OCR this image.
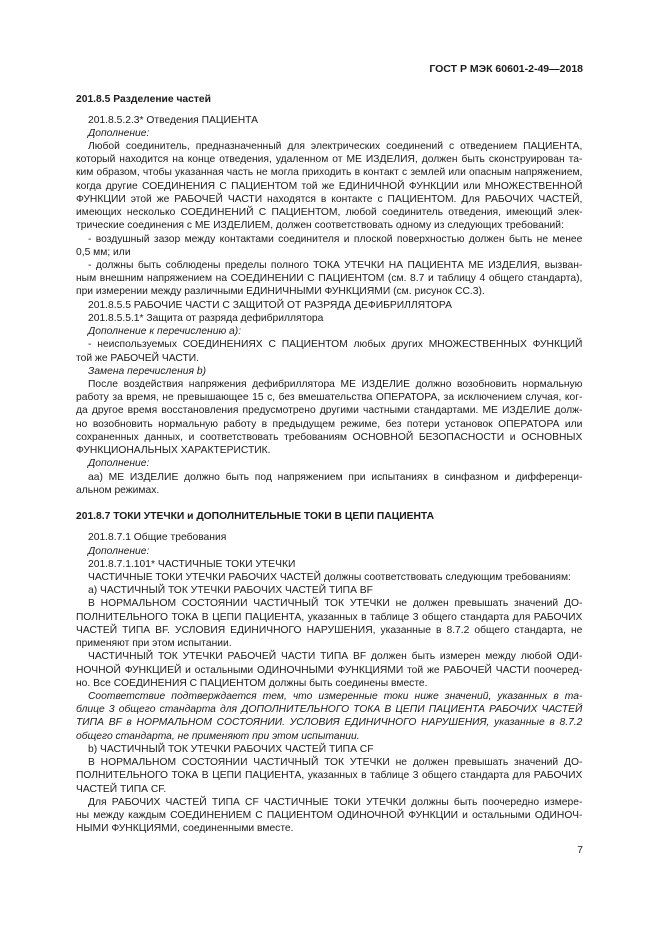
ГОСТ Р МЭК 60601-2-49—2018
201.8.5 Разделение частей
201.8.5.2.3* Отведения ПАЦИЕНТА
Дополнение:
Любой соединитель, предназначенный для электрических соединений с отведением ПАЦИЕНТА,
который находится на конце отведения, удаленном от МЕ ИЗДЕЛИЯ, должен быть сконструирован та-
ким образом, чтобы указанная часть не могла приходить в контакт с землей или опасным напряжением,
когда другие СОЕДИНЕНИЯ С ПАЦИЕНТОМ той же ЕДИНИЧНОЙ ФУНКЦИИ или МНОЖЕСТВЕННОЙ
ФУНКЦИИ этой же РАБОЧЕЙ ЧАСТИ находятся в контакте с ПАЦИЕНТОМ. Для РАБОЧИХ ЧАСТЕЙ,
имеющих несколько СОЕДИНЕНИЙ С ПАЦИЕНТОМ, любой соединитель отведения, имеющий элек-
трические соединения с МЕ ИЗДЕЛИЕМ, должен соответствовать одному из следующих требований:
- воздушный зазор между контактами соединителя и плоской поверхностью должен быть не менее
0,5 мм; или
- должны быть соблюдены пределы полного ТОКА УТЕЧКИ НА ПАЦИЕНТА МЕ ИЗДЕЛИЯ, вызван-
ным внешним напряжением на СОЕДИНЕНИИ С ПАЦИЕНТОМ (см. 8.7 и таблицу 4 общего стандарта),
при измерении между различными ЕДИНИЧНЫМИ ФУНКЦИЯМИ (см. рисунок СС.3).
201.8.5.5 РАБОЧИЕ ЧАСТИ С ЗАЩИТОЙ ОТ РАЗРЯДА ДЕФИБРИЛЛЯТОРА
201.8.5.5.1* Защита от разряда дефибриллятора
Дополнение к перечислению а):
- неиспользуемых СОЕДИНЕНИЯХ С ПАЦИЕНТОМ любых других МНОЖЕСТВЕННЫХ ФУНКЦИЙ
той же РАБОЧЕЙ ЧАСТИ.
Замена перечисления b)
После воздействия напряжения дефибриллятора МЕ ИЗДЕЛИЕ должно возобновить нормальную
работу за время, не превышающее 15 с, без вмешательства ОПЕРАТОРА, за исключением случая, ког-
да другое время восстановления предусмотрено другими частными стандартами. МЕ ИЗДЕЛИЕ долж-
но возобновить нормальную работу в предыдущем режиме, без потери установок ОПЕРАТОРА или
сохраненных данных, и соответствовать требованиям ОСНОВНОЙ БЕЗОПАСНОСТИ и ОСНОВНЫХ
ФУНКЦИОНАЛЬНЫХ ХАРАКТЕРИСТИК.
Дополнение:
аа) МЕ ИЗДЕЛИЕ должно быть под напряжением при испытаниях в синфазном и дифференци-
альном режимах.
201.8.7 ТОКИ УТЕЧКИ и ДОПОЛНИТЕЛЬНЫЕ ТОКИ В ЦЕПИ ПАЦИЕНТА
201.8.7.1 Общие требования
Дополнение:
201.8.7.1.101* ЧАСТИЧНЫЕ ТОКИ УТЕЧКИ
ЧАСТИЧНЫЕ ТОКИ УТЕЧКИ РАБОЧИХ ЧАСТЕЙ должны соответствовать следующим требованиям:
а) ЧАСТИЧНЫЙ ТОК УТЕЧКИ РАБОЧИХ ЧАСТЕЙ ТИПА BF
В НОРМАЛЬНОМ СОСТОЯНИИ ЧАСТИЧНЫЙ ТОК УТЕЧКИ не должен превышать значений ДО-
ПОЛНИТЕЛЬНОГО ТОКА В ЦЕПИ ПАЦИЕНТА, указанных в таблице 3 общего стандарта для РАБОЧИХ
ЧАСТЕЙ ТИПА BF. УСЛОВИЯ ЕДИНИЧНОГО НАРУШЕНИЯ, указанные в 8.7.2 общего стандарта, не
применяют при этом испытании.
ЧАСТИЧНЫЙ ТОК УТЕЧКИ РАБОЧЕЙ ЧАСТИ ТИПА BF должен быть измерен между любой ОДИ-
НОЧНОЙ ФУНКЦИЕЙ и остальными ОДИНОЧНЫМИ ФУНКЦИЯМИ той же РАБОЧЕЙ ЧАСТИ поочеред-
но. Все СОЕДИНЕНИЯ С ПАЦИЕНТОМ должны быть соединены вместе.
Соответствие подтверждается тем, что измеренные токи ниже значений, указанных в та-
блице 3 общего стандарта для ДОПОЛНИТЕЛЬНОГО ТОКА В ЦЕПИ ПАЦИЕНТА РАБОЧИХ ЧАСТЕЙ
ТИПА BF в НОРМАЛЬНОМ СОСТОЯНИИ. УСЛОВИЯ ЕДИНИЧНОГО НАРУШЕНИЯ, указанные в 8.7.2
общего стандарта, не применяют при этом испытании.
b) ЧАСТИЧНЫЙ ТОК УТЕЧКИ РАБОЧИХ ЧАСТЕЙ ТИПА CF
В НОРМАЛЬНОМ СОСТОЯНИИ ЧАСТИЧНЫЙ ТОК УТЕЧКИ не должен превышать значений ДО-
ПОЛНИТЕЛЬНОГО ТОКА В ЦЕПИ ПАЦИЕНТА, указанных в таблице 3 общего стандарта для РАБОЧИХ
ЧАСТЕЙ ТИПА CF.
Для РАБОЧИХ ЧАСТЕЙ ТИПА CF ЧАСТИЧНЫЕ ТОКИ УТЕЧКИ должны быть поочередно измере-
ны между каждым СОЕДИНЕНИЕМ С ПАЦИЕНТОМ ОДИНОЧНОЙ ФУНКЦИИ и остальными ОДИНОЧ-
НЫМИ ФУНКЦИЯМИ, соединенными вместе.
7
